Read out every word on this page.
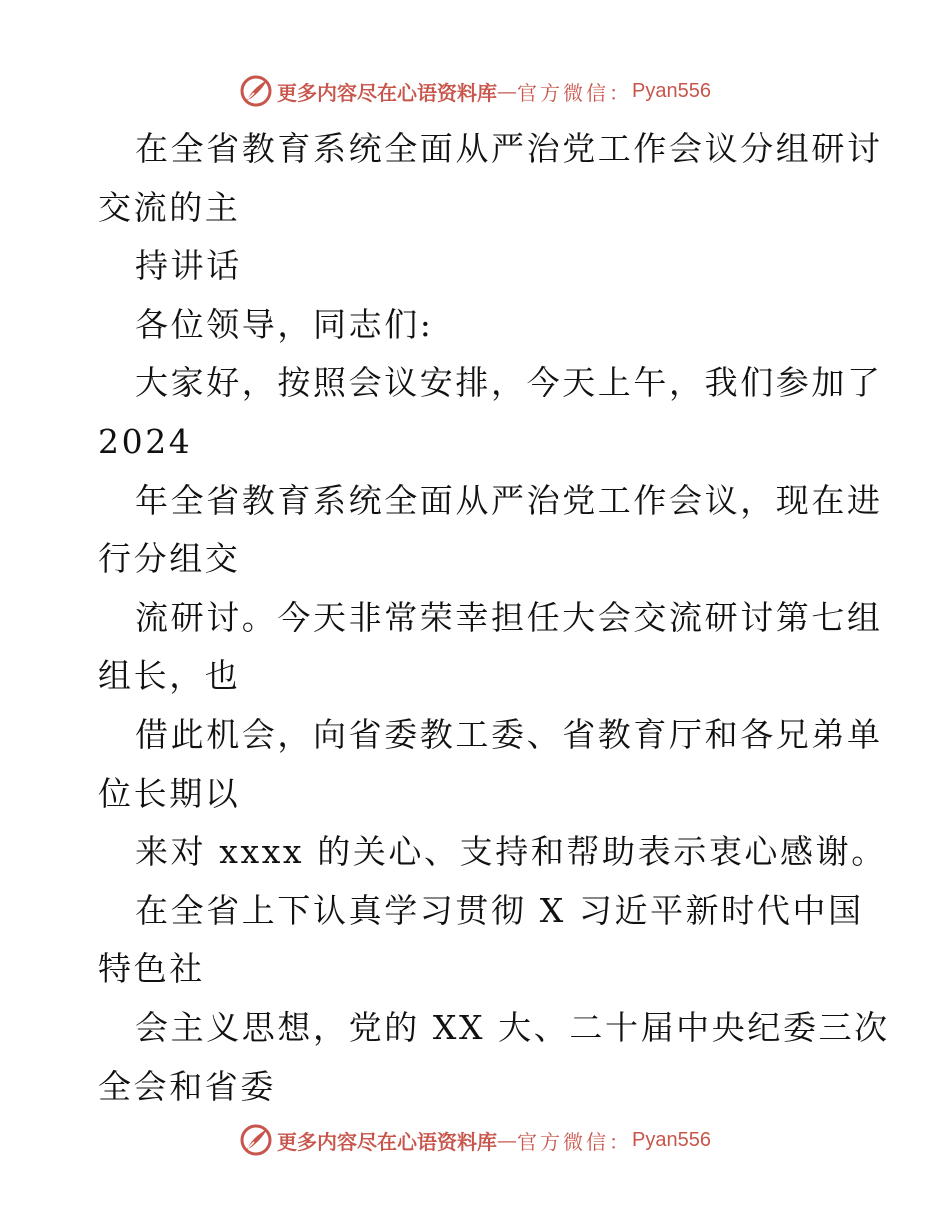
更多内容尽在心语资料库 — 官方微信： Pyan556
在全省教育系统全面从严治党工作会议分组研讨
交流的主
持讲话
各位领导，同志们:
大家好，按照会议安排，今天上午，我们参加了
2024
年全省教育系统全面从严治党工作会议，现在进
行分组交
流研讨。今天非常荣幸担任大会交流研讨第七组
组长，也
借此机会，向省委教工委、省教育厅和各兄弟单
位长期以
来对 xxxx 的关心、支持和帮助表示衷心感谢。
在全省上下认真学习贯彻 X 习近平新时代中国
特色社
会主义思想，党的 XX 大、二十届中央纪委三次
全会和省委
更多内容尽在心语资料库 — 官方微信： Pyan556
